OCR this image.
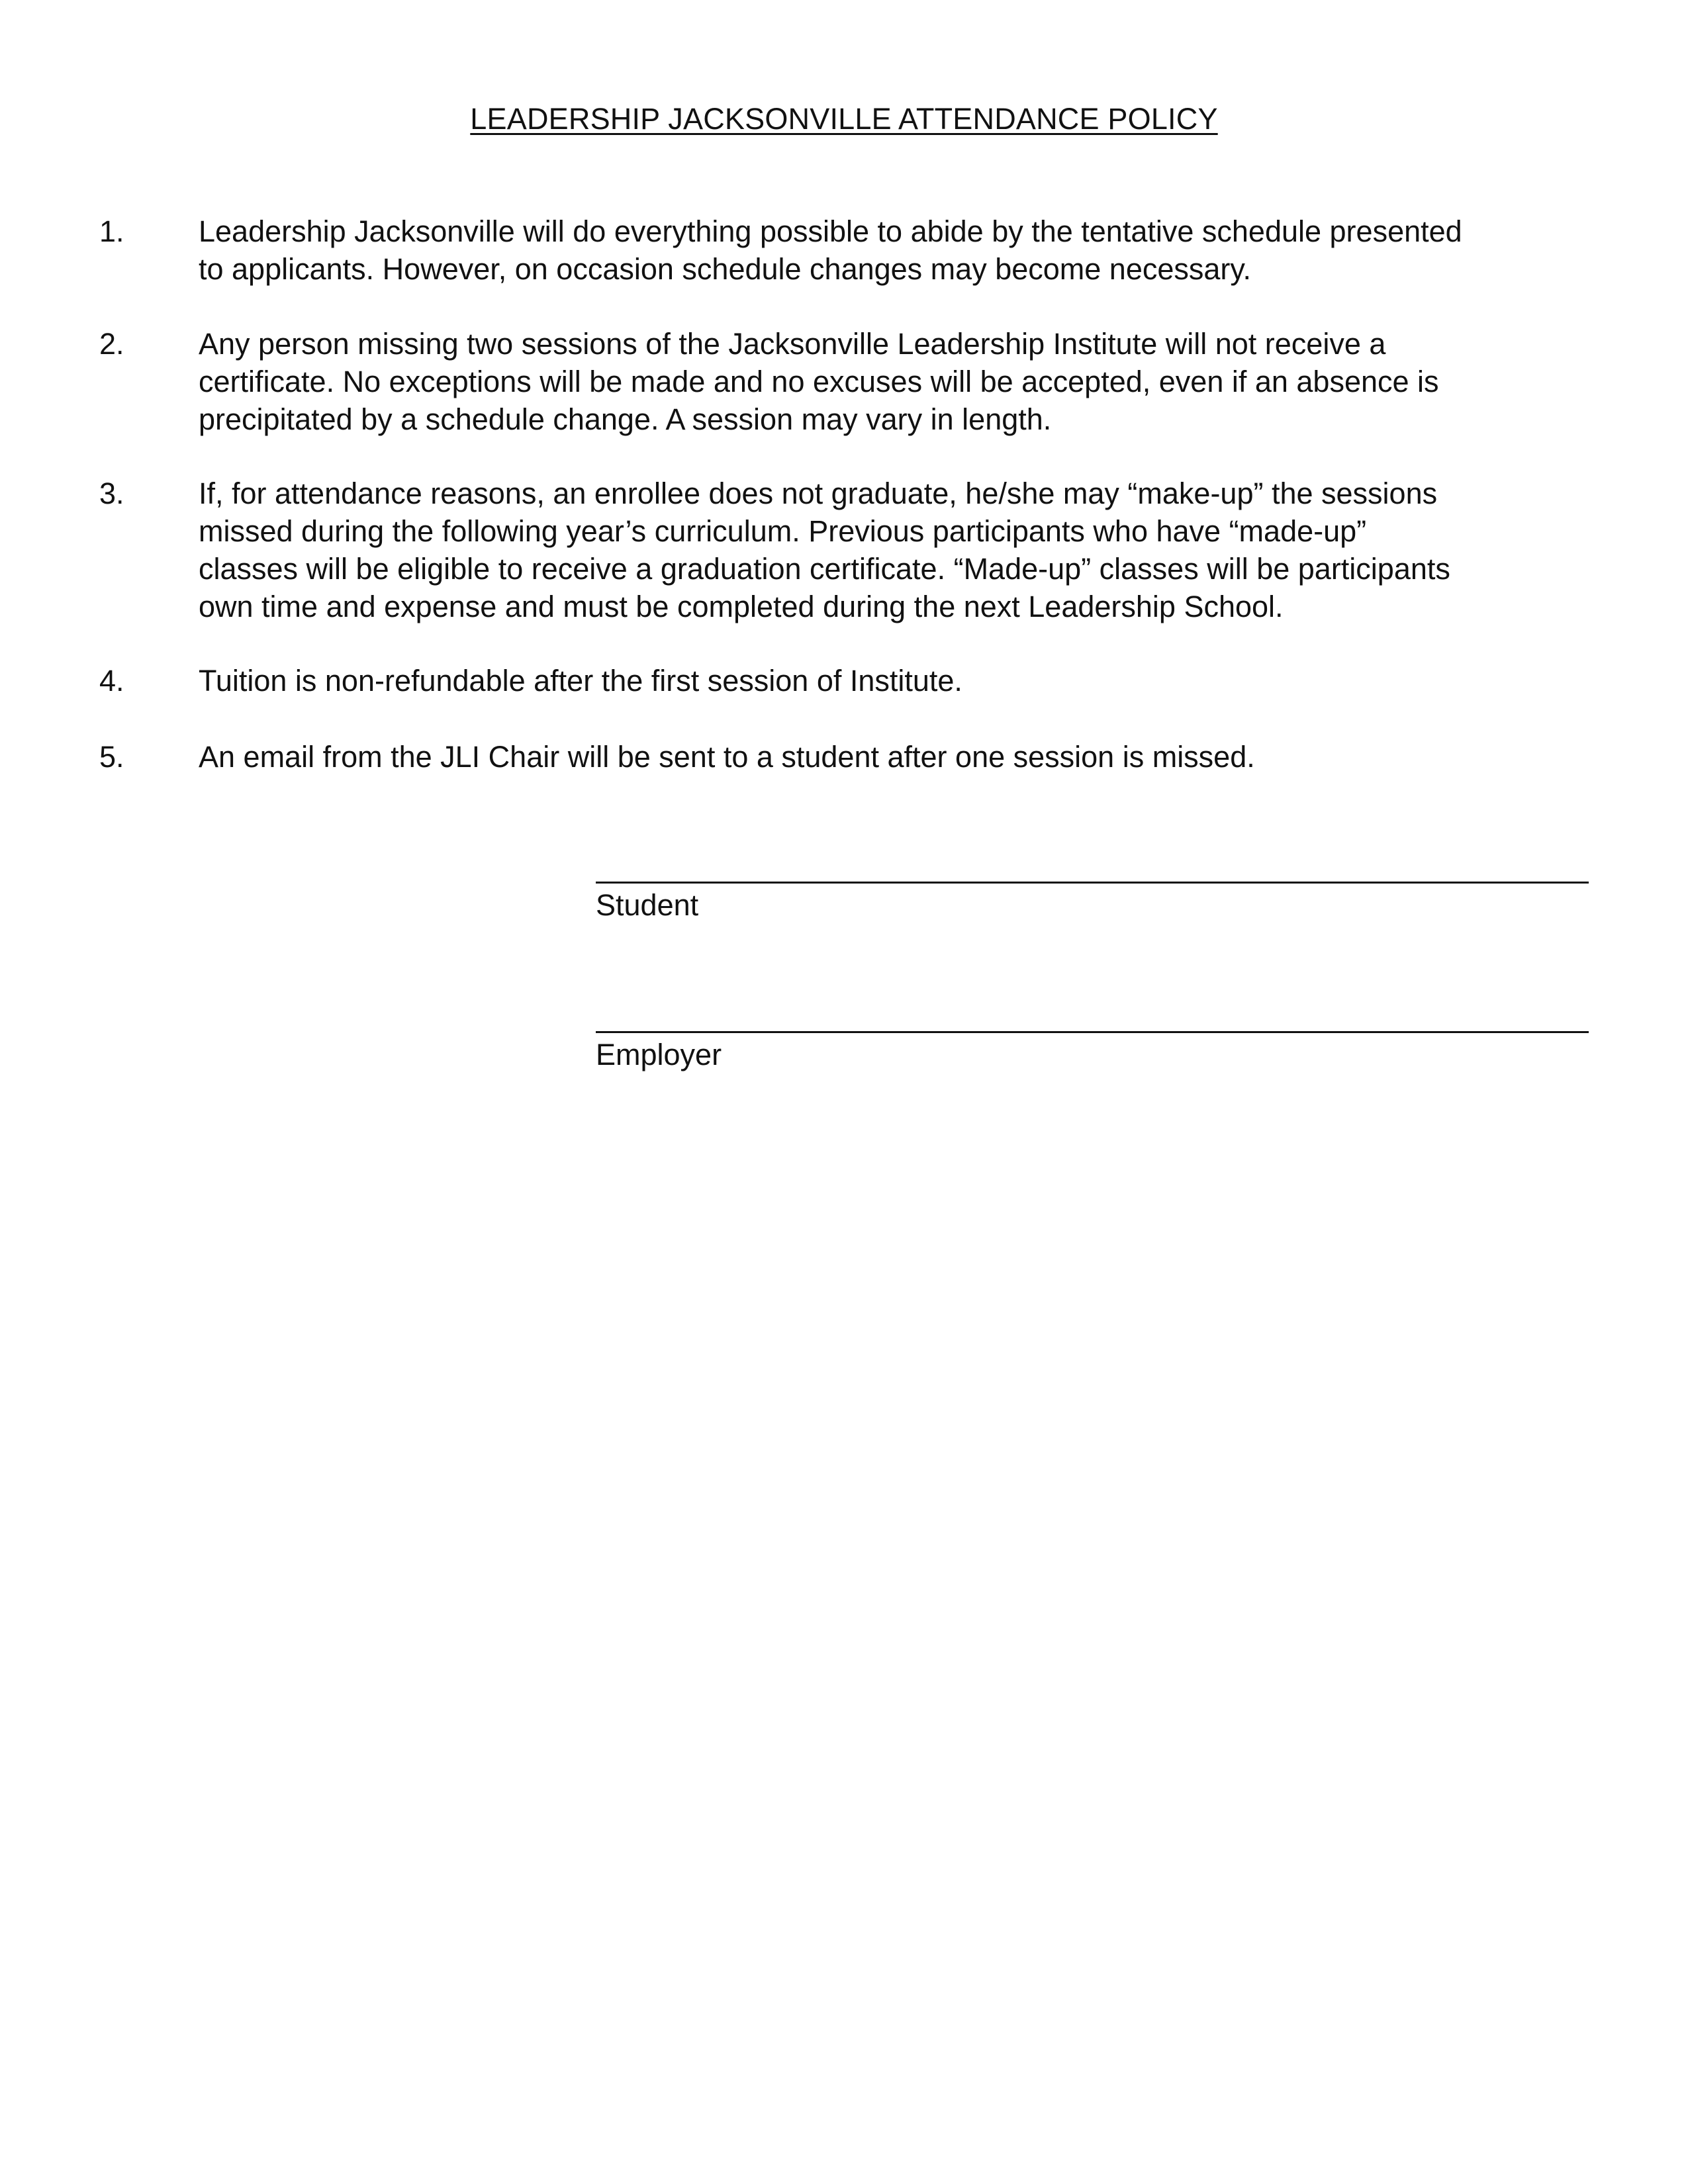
LEADERSHIP JACKSONVILLE ATTENDANCE POLICY
1. Leadership Jacksonville will do everything possible to abide by the tentative schedule presented
to applicants. However, on occasion schedule changes may become necessary.
2. Any person missing two sessions of the Jacksonville Leadership Institute will not receive a
certificate. No exceptions will be made and no excuses will be accepted, even if an absence is
precipitated by a schedule change. A session may vary in length.
3. If, for attendance reasons, an enrollee does not graduate, he/she may “make-up” the sessions
missed during the following year’s curriculum. Previous participants who have “made-up”
classes will be eligible to receive a graduation certificate. “Made-up” classes will be participants
own time and expense and must be completed during the next Leadership School.
4. Tuition is non-refundable after the first session of Institute.
5. An email from the JLI Chair will be sent to a student after one session is missed.
Student
Employer
